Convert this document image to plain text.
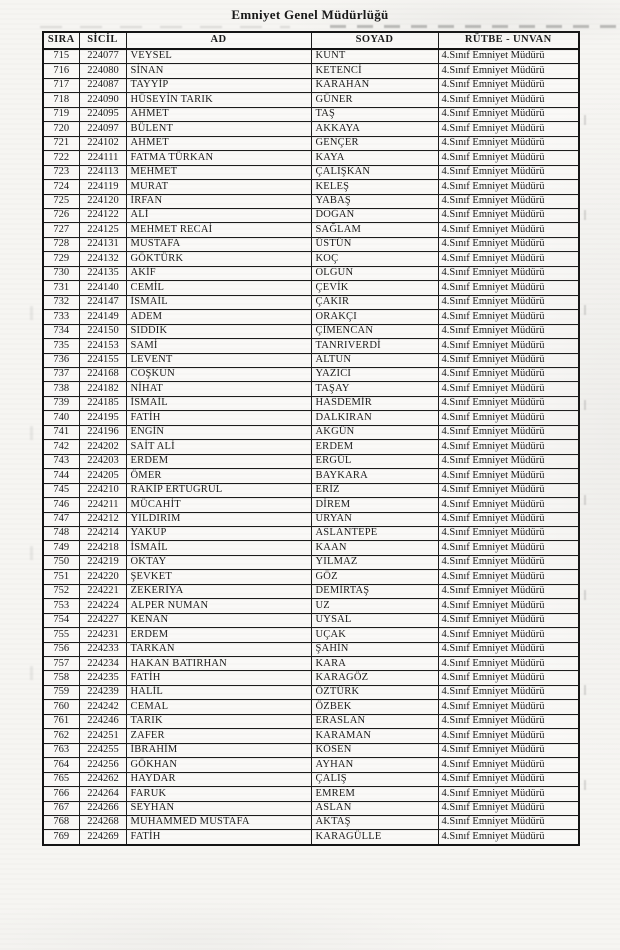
Emniyet Genel Müdürlüğü
SIRA	SİCİL	AD	SOYAD	RÜTBE - UNVAN
715	224077	VEYSEL	KUNT	4.Sınıf Emniyet Müdürü
716	224080	SİNAN	KETENCİ	4.Sınıf Emniyet Müdürü
717	224087	TAYYİP	KARAHAN	4.Sınıf Emniyet Müdürü
718	224090	HÜSEYİN TARIK	GÜNER	4.Sınıf Emniyet Müdürü
719	224095	AHMET	TAŞ	4.Sınıf Emniyet Müdürü
720	224097	BÜLENT	AKKAYA	4.Sınıf Emniyet Müdürü
721	224102	AHMET	GENÇER	4.Sınıf Emniyet Müdürü
722	224111	FATMA TÜRKAN	KAYA	4.Sınıf Emniyet Müdürü
723	224113	MEHMET	ÇALIŞKAN	4.Sınıf Emniyet Müdürü
724	224119	MURAT	KELEŞ	4.Sınıf Emniyet Müdürü
725	224120	İRFAN	YABAŞ	4.Sınıf Emniyet Müdürü
726	224122	ALİ	DOĞAN	4.Sınıf Emniyet Müdürü
727	224125	MEHMET RECAİ	SAĞLAM	4.Sınıf Emniyet Müdürü
728	224131	MUSTAFA	ÜSTÜN	4.Sınıf Emniyet Müdürü
729	224132	GÖKTÜRK	KOÇ	4.Sınıf Emniyet Müdürü
730	224135	AKİF	OLGUN	4.Sınıf Emniyet Müdürü
731	224140	CEMİL	ÇEVİK	4.Sınıf Emniyet Müdürü
732	224147	İSMAİL	ÇAKIR	4.Sınıf Emniyet Müdürü
733	224149	ADEM	ORAKÇI	4.Sınıf Emniyet Müdürü
734	224150	SIDDIK	ÇİMENCAN	4.Sınıf Emniyet Müdürü
735	224153	SAMİ	TANRIVERDİ	4.Sınıf Emniyet Müdürü
736	224155	LEVENT	ALTUN	4.Sınıf Emniyet Müdürü
737	224168	COŞKUN	YAZICI	4.Sınıf Emniyet Müdürü
738	224182	NİHAT	TAŞAY	4.Sınıf Emniyet Müdürü
739	224185	İSMAİL	HASDEMİR	4.Sınıf Emniyet Müdürü
740	224195	FATİH	DALKIRAN	4.Sınıf Emniyet Müdürü
741	224196	ENGİN	AKGÜN	4.Sınıf Emniyet Müdürü
742	224202	SAİT ALİ	ERDEM	4.Sınıf Emniyet Müdürü
743	224203	ERDEM	ERGÜL	4.Sınıf Emniyet Müdürü
744	224205	ÖMER	BAYKARA	4.Sınıf Emniyet Müdürü
745	224210	RAKİP ERTUĞRUL	ERİZ	4.Sınıf Emniyet Müdürü
746	224211	MÜCAHİT	DİREM	4.Sınıf Emniyet Müdürü
747	224212	YILDIRIM	URYAN	4.Sınıf Emniyet Müdürü
748	224214	YAKUP	ASLANTEPE	4.Sınıf Emniyet Müdürü
749	224218	İSMAİL	KAAN	4.Sınıf Emniyet Müdürü
750	224219	OKTAY	YILMAZ	4.Sınıf Emniyet Müdürü
751	224220	ŞEVKET	GÖZ	4.Sınıf Emniyet Müdürü
752	224221	ZEKERİYA	DEMİRTAŞ	4.Sınıf Emniyet Müdürü
753	224224	ALPER NUMAN	UZ	4.Sınıf Emniyet Müdürü
754	224227	KENAN	UYSAL	4.Sınıf Emniyet Müdürü
755	224231	ERDEM	UÇAK	4.Sınıf Emniyet Müdürü
756	224233	TARKAN	ŞAHİN	4.Sınıf Emniyet Müdürü
757	224234	HAKAN BATIRHAN	KARA	4.Sınıf Emniyet Müdürü
758	224235	FATİH	KARAGÖZ	4.Sınıf Emniyet Müdürü
759	224239	HALİL	ÖZTÜRK	4.Sınıf Emniyet Müdürü
760	224242	CEMAL	ÖZBEK	4.Sınıf Emniyet Müdürü
761	224246	TARIK	ERASLAN	4.Sınıf Emniyet Müdürü
762	224251	ZAFER	KARAMAN	4.Sınıf Emniyet Müdürü
763	224255	İBRAHİM	KÖSEN	4.Sınıf Emniyet Müdürü
764	224256	GÖKHAN	AYHAN	4.Sınıf Emniyet Müdürü
765	224262	HAYDAR	ÇALIŞ	4.Sınıf Emniyet Müdürü
766	224264	FARUK	EMREM	4.Sınıf Emniyet Müdürü
767	224266	SEYHAN	ASLAN	4.Sınıf Emniyet Müdürü
768	224268	MUHAMMED MUSTAFA	AKTAŞ	4.Sınıf Emniyet Müdürü
769	224269	FATİH	KARAGÜLLE	4.Sınıf Emniyet Müdürü
